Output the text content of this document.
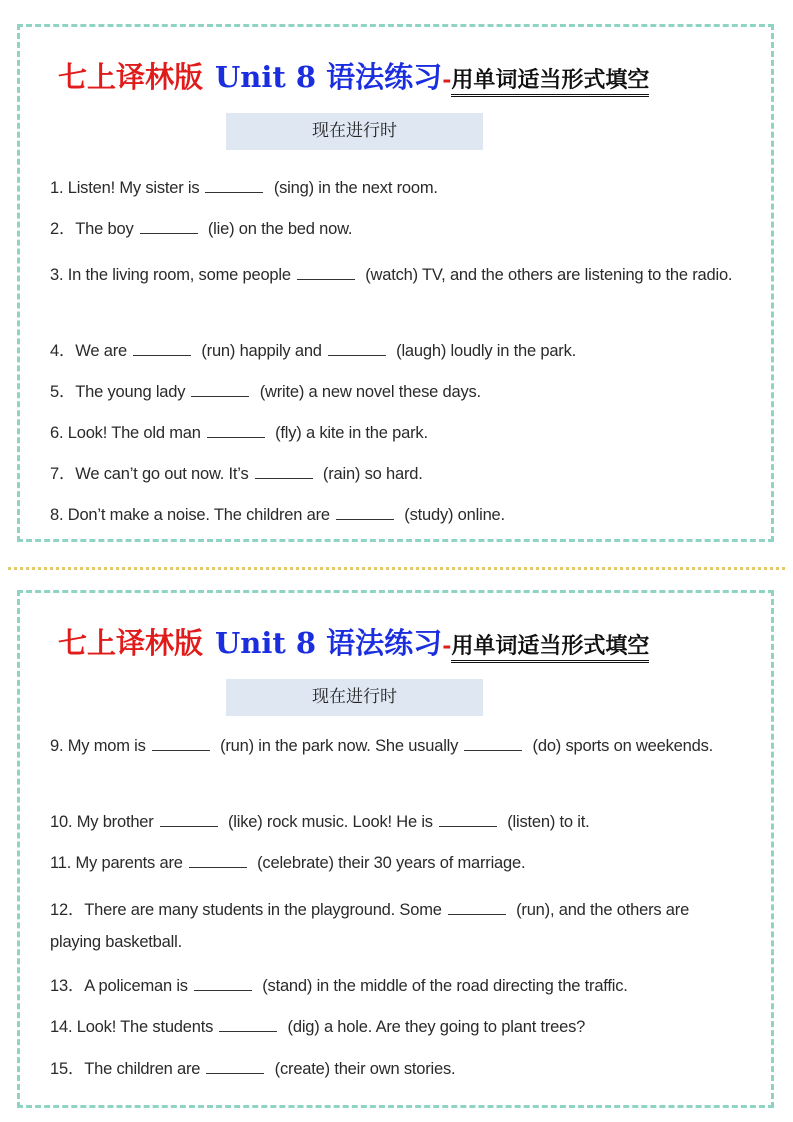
七上译林版 Unit 8 语法练习-用单词适当形式填空
现在进行时
1. Listen! My sister is	(sing) in the next room.
2．The boy	(lie) on the bed now.
3. In the living room, some people	(watch) TV, and the others are listening to the radio.
4．We are	(run) happily and	(laugh) loudly in the park.
5．The young lady	(write) a new novel these days.
6. Look! The old man	(fly) a kite in the park.
7．We can’t go out now. It’s	(rain) so hard.
8. Don’t make a noise. The children are	(study) online.
七上译林版 Unit 8 语法练习-用单词适当形式填空
现在进行时
9. My mom is	(run) in the park now. She usually	(do) sports on weekends.
10. My brother	(like) rock music. Look! He is	(listen) to it.
11. My parents are	(celebrate) their 30 years of marriage.
12．There are many students in the playground. Some	(run), and the others are playing basketball.
13．A policeman is	(stand) in the middle of the road directing the traffic.
14. Look! The students	(dig) a hole. Are they going to plant trees?
15．The children are	(create) their own stories.
